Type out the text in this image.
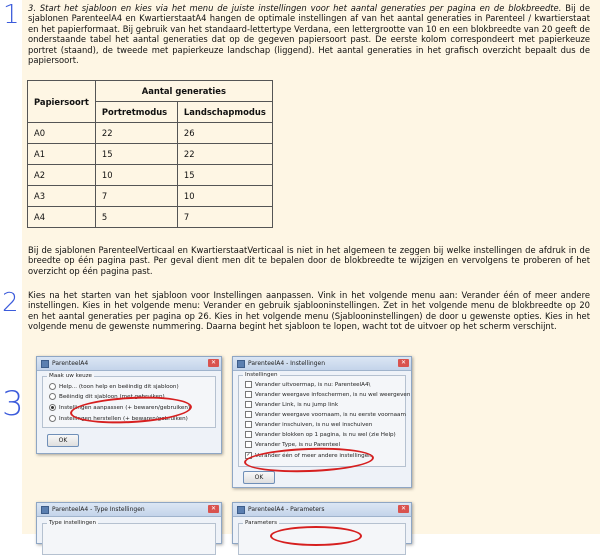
1
2
3
3. Start het sjabloon en kies via het menu de juiste instellingen voor het aantal generaties per pagina en de blokbreedte. Bij de sjablonen ParenteelA4 en KwartierstaatA4 hangen de optimale instellingen af van het aantal generaties in Parenteel / kwartierstaat en het papierformaat. Bij gebruik van het standaard-lettertype Verdana, een lettergrootte van 10 en een blokbreedte van 20 geeft de onderstaande tabel het aantal generaties dat op de gegeven papiersoort past. De eerste kolom correspondeert met papierkeuze portret (staand), de tweede met papierkeuze landschap (liggend). Het aantal generaties in het grafisch overzicht bepaalt dus de papiersoort.
Papiersoort	Aantal generaties	
	Portretmodus	Landschapmodus
A0	22	26
A1	15	22
A2	10	15
A3	7	10
A4	5	7
Bij de sjablonen ParenteelVerticaal en KwartierstaatVerticaal is niet in het algemeen te zeggen bij welke instellingen de afdruk in de breedte op één pagina past. Per geval dient men dit te bepalen door de blokbreedte te wijzigen en vervolgens te proberen of het overzicht op één pagina past.
Kies na het starten van het sjabloon voor Instellingen aanpassen. Vink in het volgende menu aan: Verander één of meer andere instellingen. Kies in het volgende menu: Verander en gebruik sjablooninstellingen. Zet in het volgende menu de blokbreedte op 20 en het aantal generaties per pagina op 26. Kies in het volgende menu (Sjablooninstellingen) de door u gewenste opties. Kies in het volgende menu de gewenste nummering. Daarna begint het sjabloon te lopen, wacht tot de uitvoer op het scherm verschijnt.
ParenteelA4	✕
Maak uw keuze
Help... (toon help en beëindig dit sjabloon)
Beëindig dit sjabloon (met gebruiken)
Instellingen aanpassen (+ bewaren/gebruiken)
Instellingen herstellen (+ bewaren/gebruiken)
OK
ParenteelA4 - Instellingen	✕
Instellingen
Verander uitvoermap, is nu: ParenteelA4\
Verander weergave infoschermen, is nu wel weergeven
Verander Link, is nu jump link
Verander weergave voornaam, is nu eerste voornaam
Verander inschuiven, is nu wel inschuiven
Verander blokken op 1 pagina, is nu wel (zie Help)
Verander Type, is nu Parenteel
✓ Verander één of meer andere instellingen
OK
ParenteelA4 - Type Instellingen	✕
Type instellingen
ParenteelA4 - Parameters	✕
Parameters
